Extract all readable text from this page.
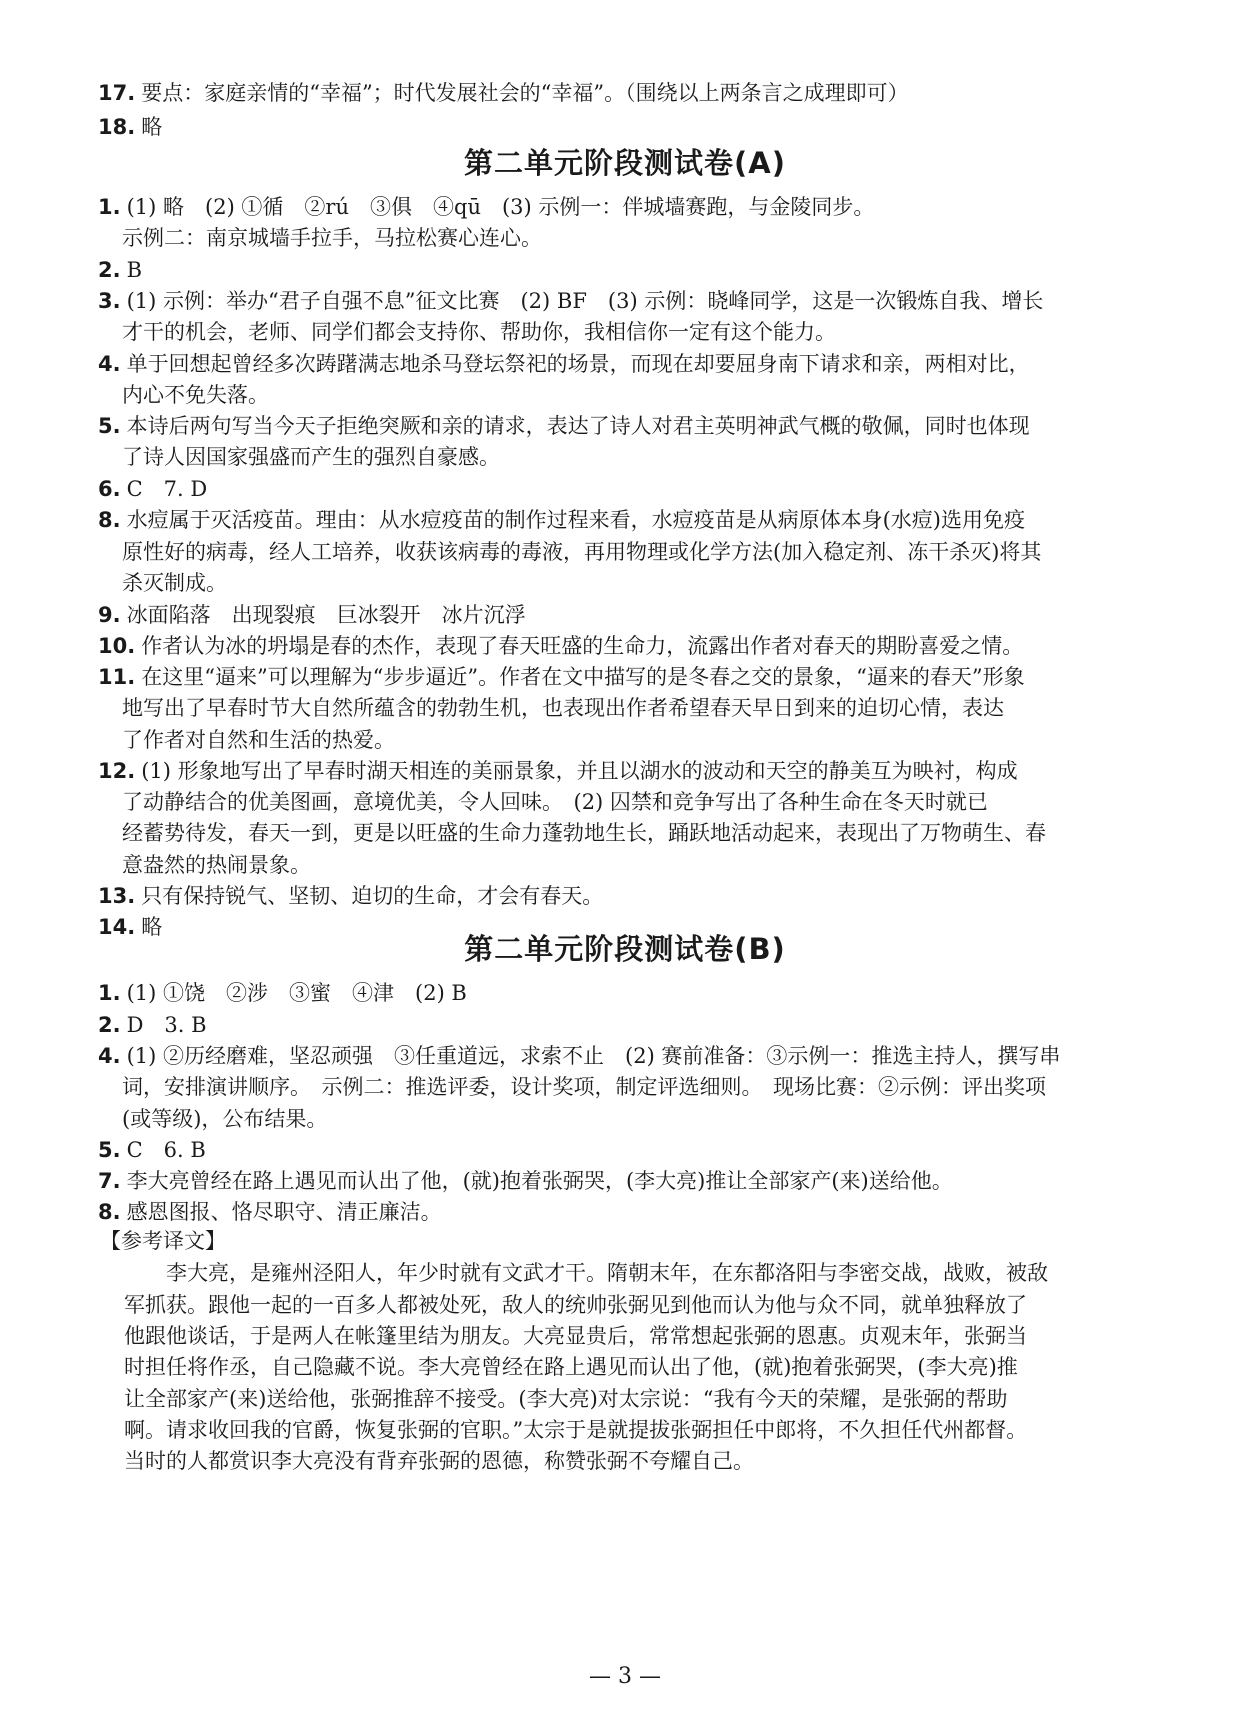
17. 要点：家庭亲情的“幸福”；时代发展社会的“幸福”。（围绕以上两条言之成理即可）
18. 略
第二单元阶段测试卷(A)
1. (1) 略　(2) ①循　②rú　③俱　④qū　(3) 示例一：伴城墙赛跑，与金陵同步。
示例二：南京城墙手拉手，马拉松赛心连心。
2. B
3. (1) 示例：举办“君子自强不息”征文比赛　(2) BF　(3) 示例：晓峰同学，这是一次锻炼自我、增长
才干的机会，老师、同学们都会支持你、帮助你，我相信你一定有这个能力。
4. 单于回想起曾经多次踌躇满志地杀马登坛祭祀的场景，而现在却要屈身南下请求和亲，两相对比，
内心不免失落。
5. 本诗后两句写当今天子拒绝突厥和亲的请求，表达了诗人对君主英明神武气概的敬佩，同时也体现
了诗人因国家强盛而产生的强烈自豪感。
6. C　7. D
8. 水痘属于灭活疫苗。理由：从水痘疫苗的制作过程来看，水痘疫苗是从病原体本身(水痘)选用免疫
原性好的病毒，经人工培养，收获该病毒的毒液，再用物理或化学方法(加入稳定剂、冻干杀灭)将其
杀灭制成。
9. 冰面陷落　出现裂痕　巨冰裂开　冰片沉浮
10. 作者认为冰的坍塌是春的杰作，表现了春天旺盛的生命力，流露出作者对春天的期盼喜爱之情。
11. 在这里“逼来”可以理解为“步步逼近”。作者在文中描写的是冬春之交的景象，“逼来的春天”形象
地写出了早春时节大自然所蕴含的勃勃生机，也表现出作者希望春天早日到来的迫切心情，表达
了作者对自然和生活的热爱。
12. (1) 形象地写出了早春时湖天相连的美丽景象，并且以湖水的波动和天空的静美互为映衬，构成
了动静结合的优美图画，意境优美，令人回味。　(2) 囚禁和竞争写出了各种生命在冬天时就已
经蓄势待发，春天一到，更是以旺盛的生命力蓬勃地生长，踊跃地活动起来，表现出了万物萌生、春
意盎然的热闹景象。
13. 只有保持锐气、坚韧、迫切的生命，才会有春天。
14. 略
第二单元阶段测试卷(B)
1. (1) ①饶　②涉　③蜜　④津　(2) B
2. D　3. B
4. (1) ②历经磨难，坚忍顽强　③任重道远，求索不止　(2) 赛前准备：③示例一：推选主持人，撰写串
词，安排演讲顺序。　示例二：推选评委，设计奖项，制定评选细则。　现场比赛：②示例：评出奖项
(或等级)，公布结果。
5. C　6. B
7. 李大亮曾经在路上遇见而认出了他，(就)抱着张弼哭，(李大亮)推让全部家产(来)送给他。
8. 感恩图报、恪尽职守、清正廉洁。
【参考译文】
　　李大亮，是雍州泾阳人，年少时就有文武才干。隋朝末年，在东都洛阳与李密交战，战败，被敌
军抓获。跟他一起的一百多人都被处死，敌人的统帅张弼见到他而认为他与众不同，就单独释放了
他跟他谈话，于是两人在帐篷里结为朋友。大亮显贵后，常常想起张弼的恩惠。贞观末年，张弼当
时担任将作丞，自己隐藏不说。李大亮曾经在路上遇见而认出了他，(就)抱着张弼哭，(李大亮)推
让全部家产(来)送给他，张弼推辞不接受。(李大亮)对太宗说：“我有今天的荣耀，是张弼的帮助
啊。请求收回我的官爵，恢复张弼的官职。”太宗于是就提拔张弼担任中郎将，不久担任代州都督。
当时的人都赏识李大亮没有背弃张弼的恩德，称赞张弼不夸耀自己。
— 3 —
